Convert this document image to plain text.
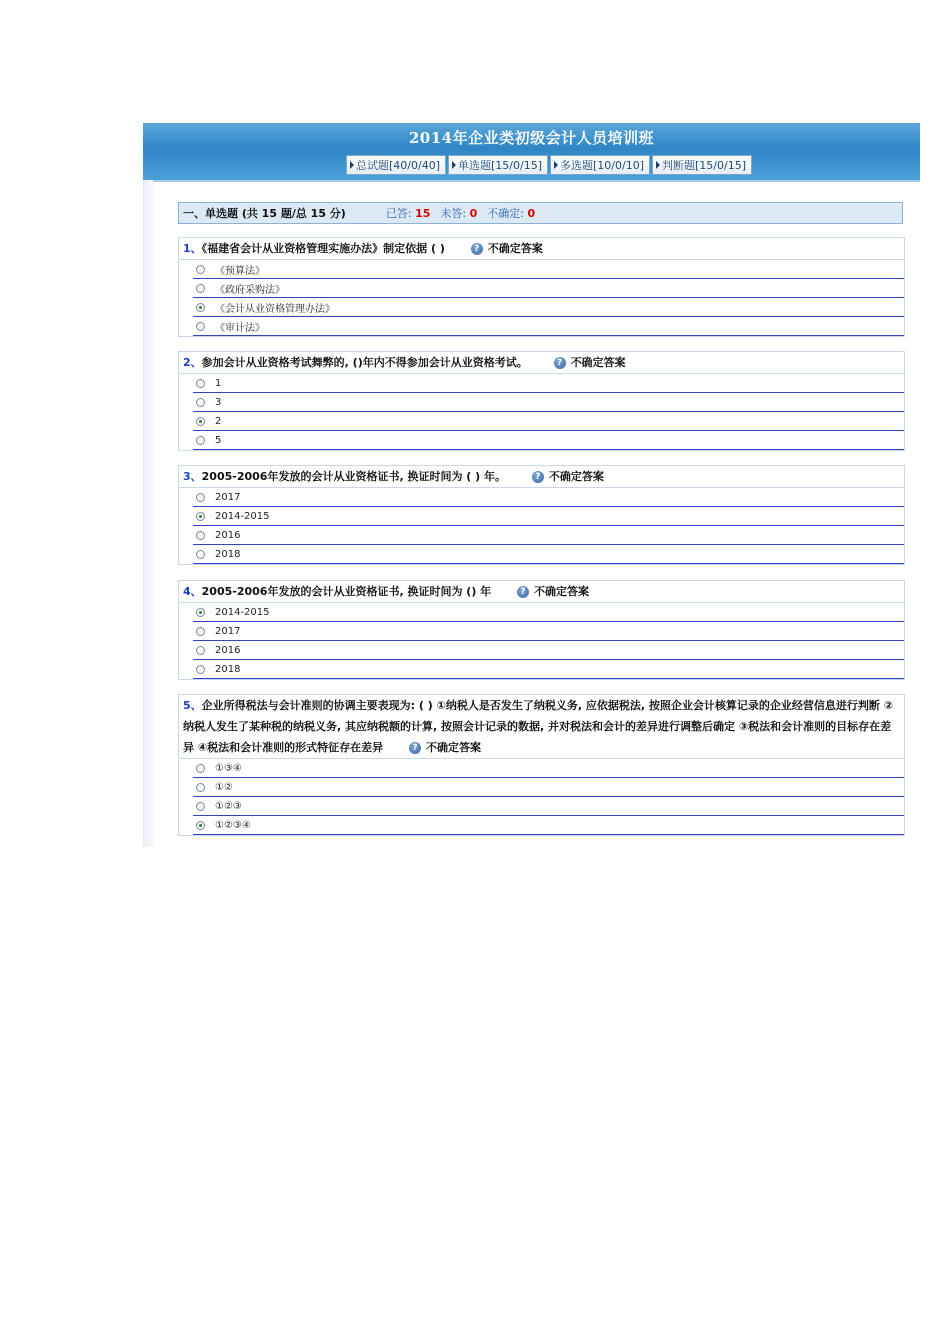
2014年企业类初级会计人员培训班
总试题[40/0/40] 单选题[15/0/15] 多选题[10/0/10] 判断题[15/0/15]
一、单选题 (共 15 题/总 15 分)	已答: 15 未答: 0 不确定: 0
1、《福建省会计从业资格管理实施办法》制定依据 ( )	? 不确定答案
《预算法》
《政府采购法》
《会计从业资格管理办法》
《审计法》
2、参加会计从业资格考试舞弊的, ()年内不得参加会计从业资格考试。	? 不确定答案
1
3
2
5
3、2005-2006年发放的会计从业资格证书, 换证时间为 ( ) 年。	? 不确定答案
2017
2014-2015
2016
2018
4、2005-2006年发放的会计从业资格证书, 换证时间为 () 年	? 不确定答案
2014-2015
2017
2016
2018
5、企业所得税法与会计准则的协调主要表现为: ( ) ①纳税人是否发生了纳税义务, 应依据税法, 按照企业会计核算记录的企业经营信息进行判断 ②纳税人发生了某种税的纳税义务, 其应纳税额的计算, 按照会计记录的数据, 并对税法和会计的差异进行调整后确定 ③税法和会计准则的目标存在差异 ④税法和会计准则的形式特征存在差异	? 不确定答案
①③④
①②
①②③
①②③④
